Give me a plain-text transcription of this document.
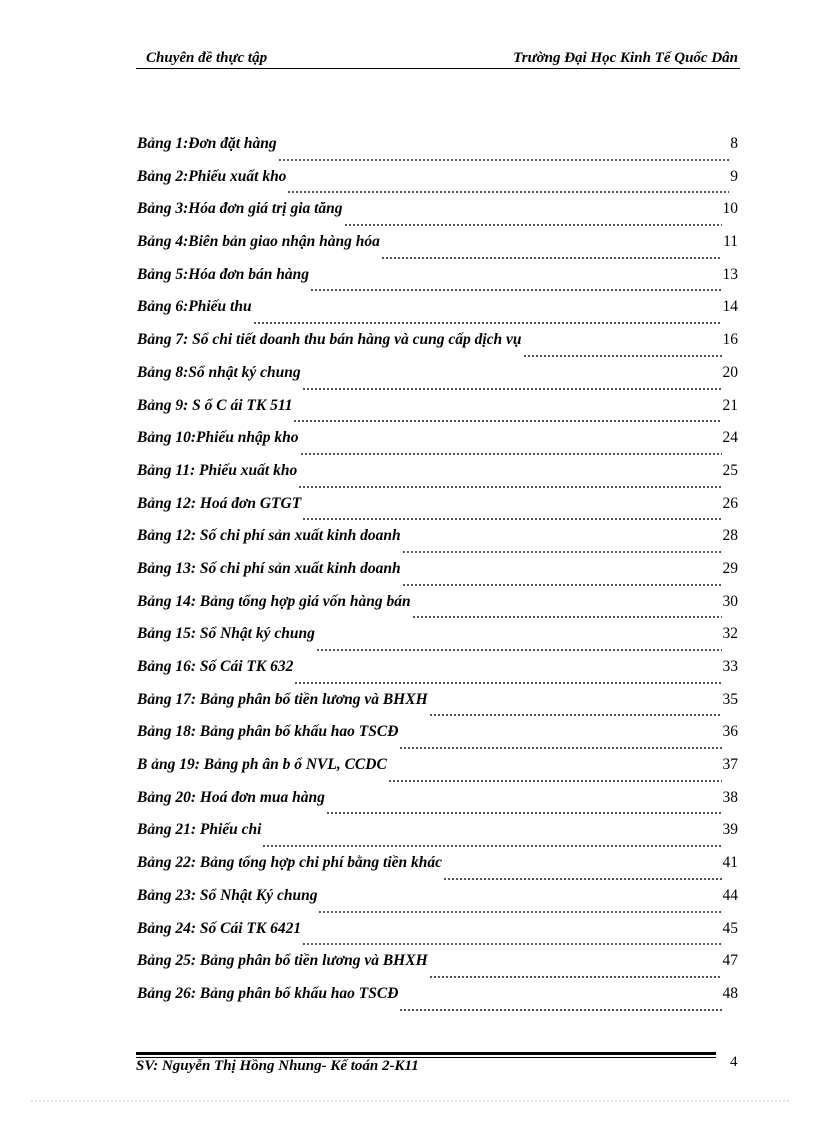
Chuyên đề thực tập	Trường Đại Học Kinh Tế Quốc Dân
Bảng 1:Đơn đặt hàng	8
Bảng 2:Phiếu xuất kho	9
Bảng 3:Hóa đơn giá trị gia tăng	10
Bảng 4:Biên bản giao nhận hàng hóa	11
Bảng 5:Hóa đơn bán hàng	13
Bảng 6:Phiếu thu	14
Bảng 7: Sổ chi tiết doanh thu bán hàng và cung cấp dịch vụ	16
Bảng 8:Sổ nhật ký chung	20
Bảng 9: S ổ C ái TK 511	21
Bảng 10:Phiếu nhập kho	24
Bảng 11: Phiếu xuất kho	25
Bảng 12: Hoá đơn GTGT	26
Bảng 12: Số chi phí sản xuất kinh doanh	28
Bảng 13: Số chi phí sản xuất kinh doanh	29
Bảng 14: Bảng tổng hợp giá vốn hàng bán	30
Bảng 15: Sổ Nhật ký chung	32
Bảng 16: Số Cái TK 632	33
Bảng 17: Bảng phân bổ tiền lương và BHXH	35
Bảng 18: Bảng phân bổ khấu hao TSCĐ	36
B ảng 19: Bảng ph ân b ổ NVL, CCDC	37
Bảng 20: Hoá đơn mua hàng	38
Bảng 21: Phiếu chi	39
Bảng 22: Bảng tổng hợp chi phí bằng tiền khác	41
Bảng 23: Sổ Nhật Ký chung	44
Bảng 24: Số Cái TK 6421	45
Bảng 25: Bảng phân bổ tiền lương và BHXH	47
Bảng 26: Bảng phân bổ khấu hao TSCĐ	48
SV: Nguyễn Thị Hồng Nhung- Kế toán 2-K11	4
